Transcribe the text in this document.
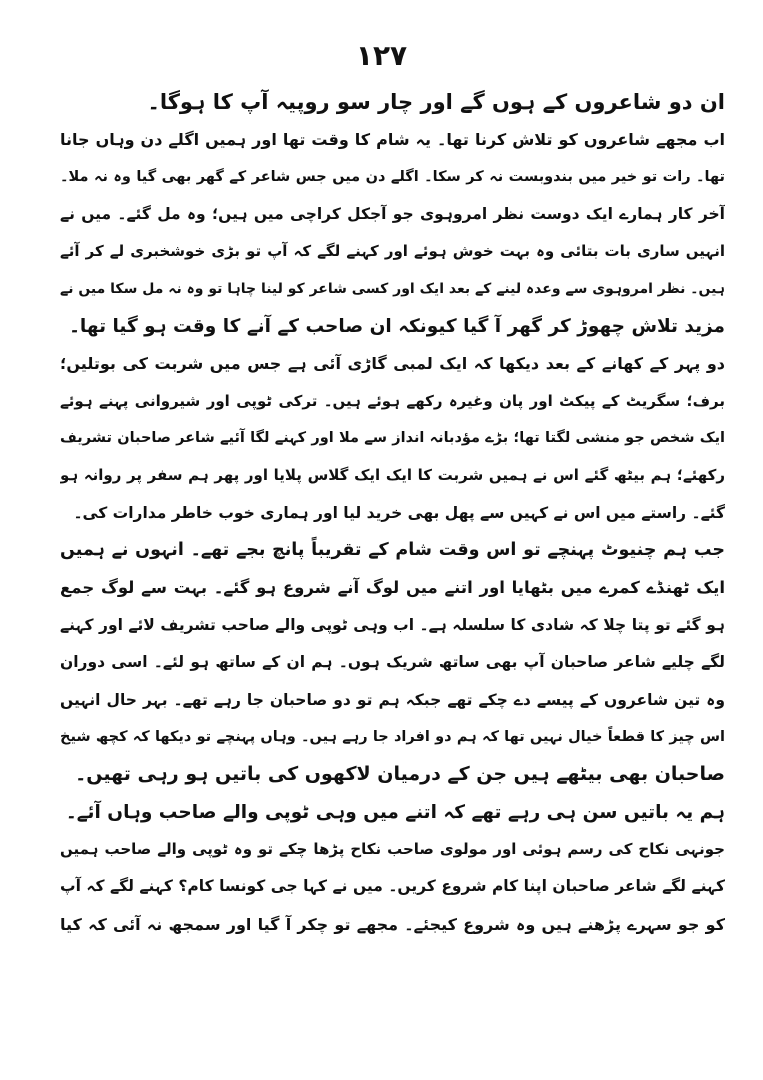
۱۲۷
ان دو شاعروں کے ہوں گے اور چار سو روپیہ آپ کا ہوگا۔
اب مجھے شاعروں کو تلاش کرنا تھا۔ یہ شام کا وقت تھا اور ہمیں اگلے دن وہاں جانا
تھا۔ رات تو خیر میں بندوبست نہ کر سکا۔ اگلے دن میں جس شاعر کے گھر بھی گیا وہ نہ ملا۔
آخر کار ہمارے ایک دوست نظر امروہوی جو آجکل کراچی میں ہیں؛ وہ مل گئے۔ میں نے
انہیں ساری بات بتائی وہ بہت خوش ہوئے اور کہنے لگے کہ آپ تو بڑی خوشخبری لے کر آئے
ہیں۔ نظر امروہوی سے وعدہ لینے کے بعد ایک اور کسی شاعر کو لینا چاہا تو وہ نہ مل سکا میں نے
مزید تلاش چھوڑ کر گھر آ گیا کیونکہ ان صاحب کے آنے کا وقت ہو گیا تھا۔
دو پہر کے کھانے کے بعد دیکھا کہ ایک لمبی گاڑی آئی ہے جس میں شربت کی بوتلیں؛
برف؛ سگریٹ کے پیکٹ اور پان وغیرہ رکھے ہوئے ہیں۔ ترکی ٹوپی اور شیروانی پہنے ہوئے
ایک شخص جو منشی لگتا تھا؛ بڑے مؤدبانہ انداز سے ملا اور کہنے لگا آئیے شاعر صاحبان تشریف
رکھئے؛ ہم بیٹھ گئے اس نے ہمیں شربت کا ایک ایک گلاس پلایا اور پھر ہم سفر پر روانہ ہو
گئے۔ راستے میں اس نے کہیں سے پھل بھی خرید لیا اور ہماری خوب خاطر مدارات کی۔
جب ہم چنیوٹ پہنچے تو اس وقت شام کے تقریباً پانچ بجے تھے۔ انہوں نے ہمیں
ایک ٹھنڈے کمرے میں بٹھایا اور اتنے میں لوگ آنے شروع ہو گئے۔ بہت سے لوگ جمع
ہو گئے تو پتا چلا کہ شادی کا سلسلہ ہے۔ اب وہی ٹوپی والے صاحب تشریف لائے اور کہنے
لگے چلیے شاعر صاحبان آپ بھی ساتھ شریک ہوں۔ ہم ان کے ساتھ ہو لئے۔ اسی دوران
وہ تین شاعروں کے پیسے دے چکے تھے جبکہ ہم تو دو صاحبان جا رہے تھے۔ بہر حال انہیں
اس چیز کا قطعاً خیال نہیں تھا کہ ہم دو افراد جا رہے ہیں۔ وہاں پہنچے تو دیکھا کہ کچھ شیخ
صاحبان بھی بیٹھے ہیں جن کے درمیان لاکھوں کی باتیں ہو رہی تھیں۔
ہم یہ باتیں سن ہی رہے تھے کہ اتنے میں وہی ٹوپی والے صاحب وہاں آئے۔
جونہی نکاح کی رسم ہوئی اور مولوی صاحب نکاح پڑھا چکے تو وہ ٹوپی والے صاحب ہمیں
کہنے لگے شاعر صاحبان اپنا کام شروع کریں۔ میں نے کہا جی کونسا کام؟ کہنے لگے کہ آپ
کو جو سہرے پڑھنے ہیں وہ شروع کیجئے۔ مجھے تو چکر آ گیا اور سمجھ نہ آئی کہ کیا
